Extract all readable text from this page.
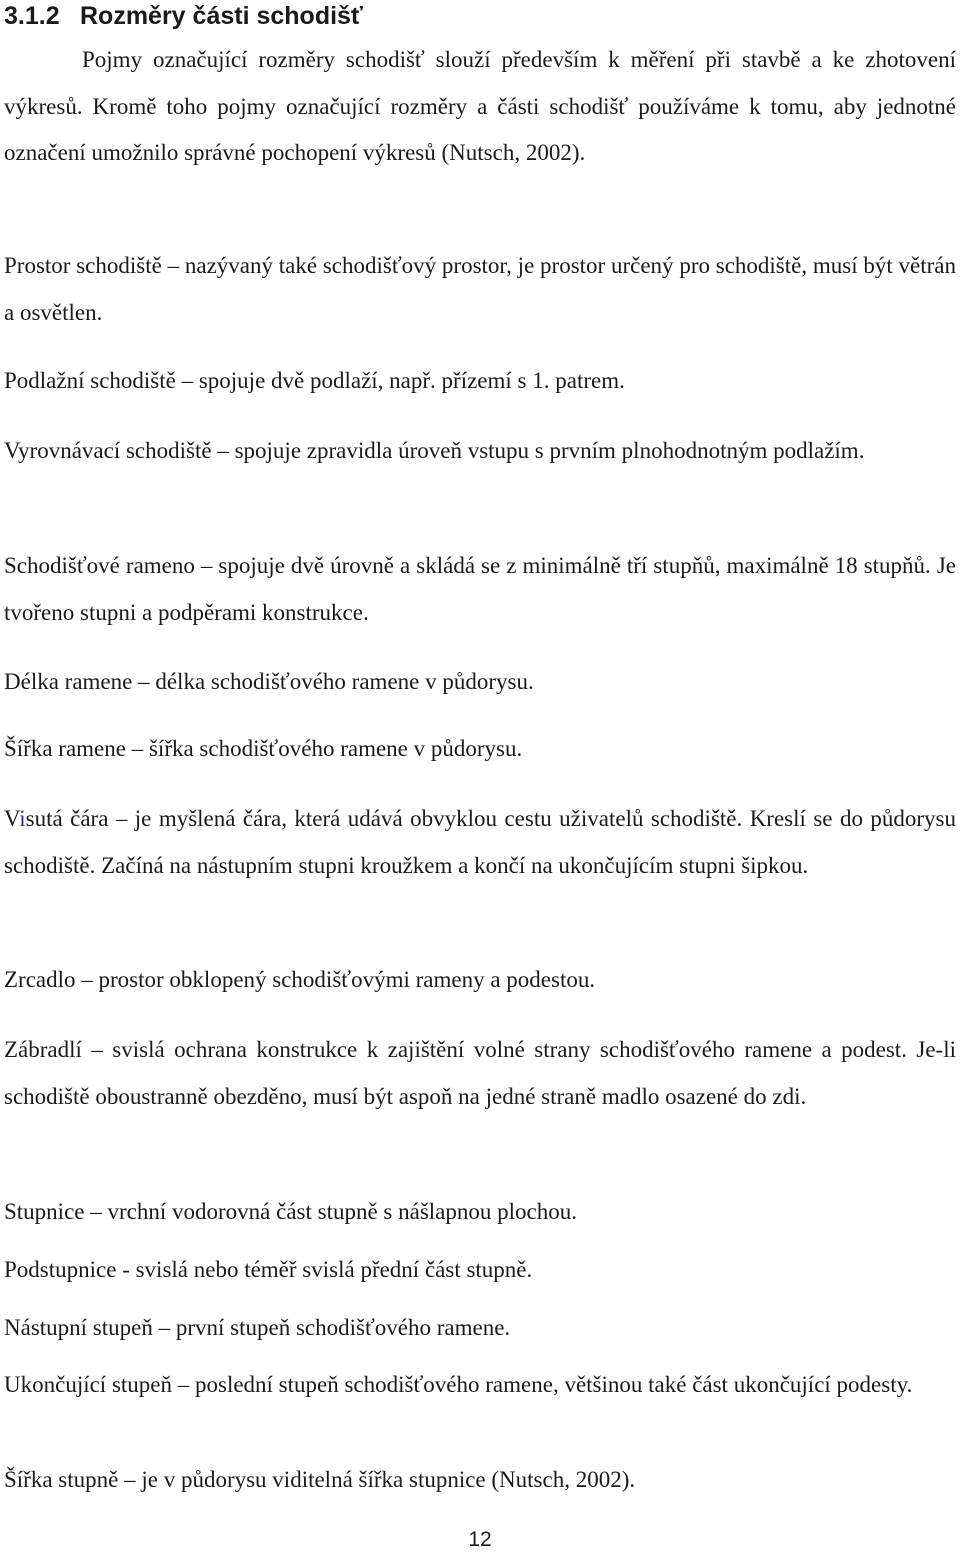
3.1.2 Rozměry části schodišť

Pojmy označující rozměry schodišť slouží především k měření při stavbě a ke zhotovení výkresů. Kromě toho pojmy označující rozměry a části schodišť používáme k tomu, aby jednotné označení umožnilo správné pochopení výkresů (Nutsch, 2002).

Prostor schodiště – nazývaný také schodišťový prostor, je prostor určený pro schodiště, musí být větrán a osvětlen.

Podlažní schodiště – spojuje dvě podlaží, např. přízemí s 1. patrem.

Vyrovnávací schodiště – spojuje zpravidla úroveň vstupu s prvním plnohodnotným podlažím.

Schodišťové rameno – spojuje dvě úrovně a skládá se z minimálně tří stupňů, maximálně 18 stupňů. Je tvořeno stupni a podpěrami konstrukce.

Délka ramene – délka schodišťového ramene v půdorysu.

Šířka ramene – šířka schodišťového ramene v půdorysu.

Visutá čára – je myšlená čára, která udává obvyklou cestu uživatelů schodiště. Kreslí se do půdorysu schodiště. Začíná na nástupním stupni kroužkem a končí na ukončujícím stupni šipkou.

Zrcadlo – prostor obklopený schodišťovými rameny a podestou.

Zábradlí – svislá ochrana konstrukce k zajištění volné strany schodišťového ramene a podest. Je-li schodiště oboustranně obezděno, musí být aspoň na jedné straně madlo osazené do zdi.

Stupnice – vrchní vodorovná část stupně s nášlapnou plochou.

Podstupnice - svislá nebo téměř svislá přední část stupně.

Nástupní stupeň – první stupeň schodišťového ramene.

Ukončující stupeň – poslední stupeň schodišťového ramene, většinou také část ukončující podesty.

Šířka stupně – je v půdorysu viditelná šířka stupnice (Nutsch, 2002).

12
